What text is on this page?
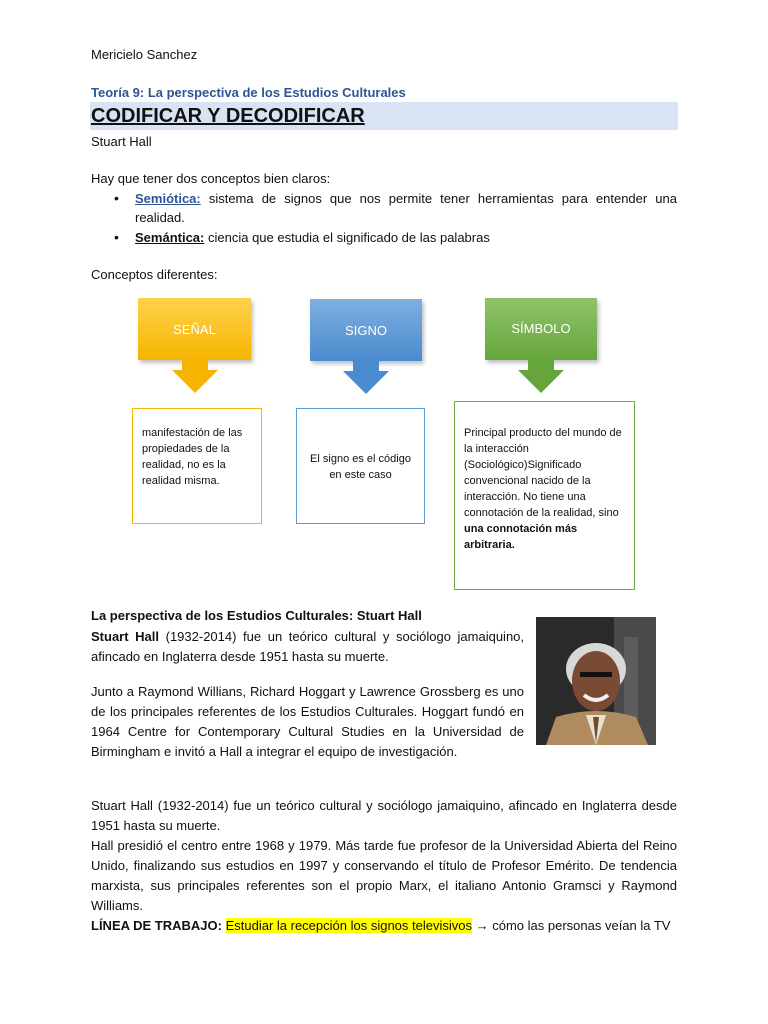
Mericielo Sanchez
Teoría 9: La perspectiva de los Estudios Culturales
CODIFICAR Y DECODIFICAR
Stuart Hall
Hay que tener dos conceptos bien claros:
• Semiótica: sistema de signos que nos permite tener herramientas para entender una realidad.
• Semántica: ciencia que estudia el significado de las palabras
Conceptos diferentes:
SEÑAL
manifestación de las propiedades de la realidad, no es la realidad misma.
SIGNO
El signo es el código en este caso
SÍMBOLO
Principal producto del mundo de la interacción (Sociológico)Significado convencional nacido de la interacción. No tiene una connotación de la realidad, sino una connotación más arbitraria.
La perspectiva de los Estudios Culturales: Stuart Hall
Stuart Hall (1932-2014) fue un teórico cultural y sociólogo jamaiquino, afincado en Inglaterra desde 1951 hasta su muerte.
Junto a Raymond Willians, Richard Hoggart y Lawrence Grossberg es uno de los principales referentes de los Estudios Culturales. Hoggart fundó en 1964 Centre for Contemporary Cultural Studies en la Universidad de Birmingham e invitó a Hall a integrar el equipo de investigación.
Stuart Hall (1932-2014) fue un teórico cultural y sociólogo jamaiquino, afincado en Inglaterra desde 1951 hasta su muerte.
Hall presidió el centro entre 1968 y 1979. Más tarde fue profesor de la Universidad Abierta del Reino Unido, finalizando sus estudios en 1997 y conservando el título de Profesor Emérito. De tendencia marxista, sus principales referentes son el propio Marx, el italiano Antonio Gramsci y Raymond Williams.
LÍNEA DE TRABAJO: Estudiar la recepción los signos televisivos → cómo las personas veían la TV
